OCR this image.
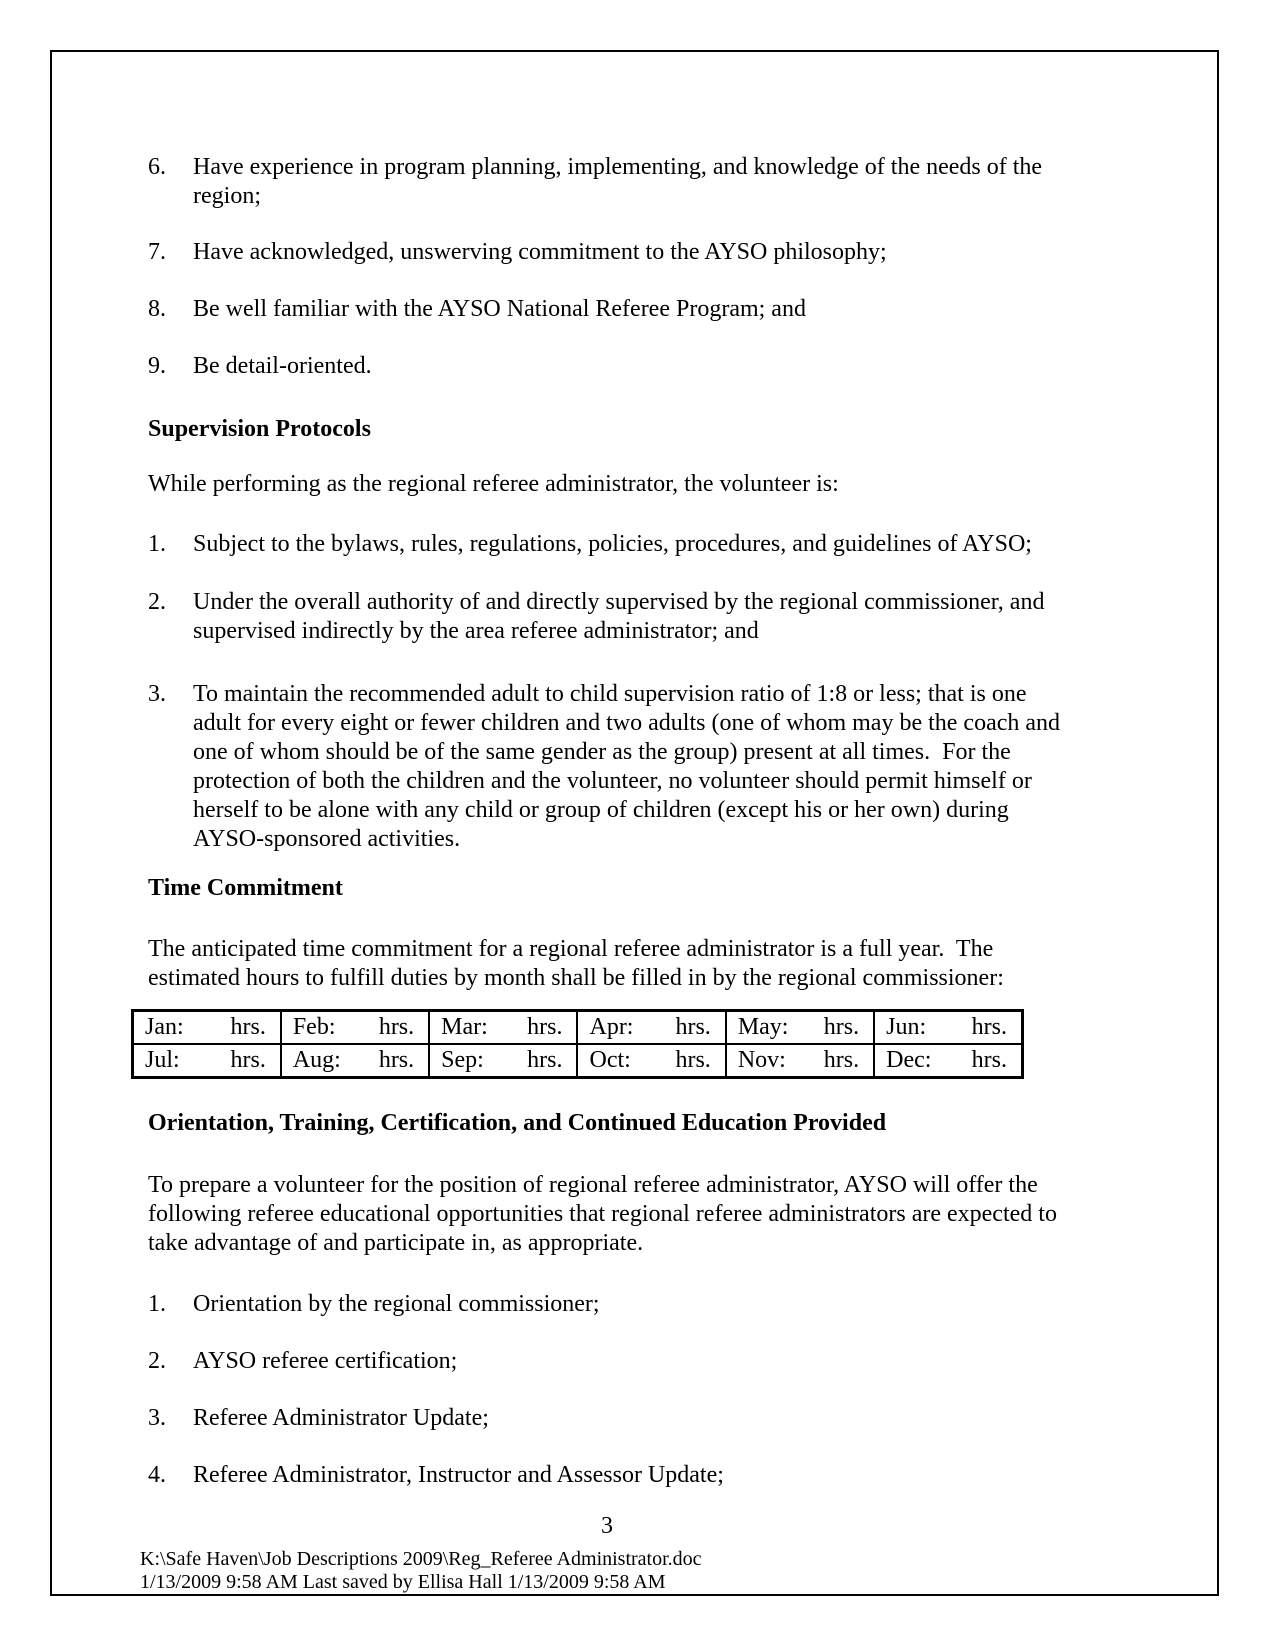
6.	Have experience in program planning, implementing, and knowledge of the needs of the region;
7.	Have acknowledged, unswerving commitment to the AYSO philosophy;
8.	Be well familiar with the AYSO National Referee Program; and
9.	Be detail-oriented.

Supervision Protocols

While performing as the regional referee administrator, the volunteer is:
1.	Subject to the bylaws, rules, regulations, policies, procedures, and guidelines of AYSO;
2.	Under the overall authority of and directly supervised by the regional commissioner, and supervised indirectly by the area referee administrator; and
3.	To maintain the recommended adult to child supervision ratio of 1:8 or less; that is one adult for every eight or fewer children and two adults (one of whom may be the coach and one of whom should be of the same gender as the group) present at all times.  For the protection of both the children and the volunteer, no volunteer should permit himself or herself to be alone with any child or group of children (except his or her own) during AYSO-sponsored activities.

Time Commitment

The anticipated time commitment for a regional referee administrator is a full year.  The estimated hours to fulfill duties by month shall be filled in by the regional commissioner:
Jan: hrs.	Feb: hrs.	Mar: hrs.	Apr: hrs.	May: hrs.	Jun: hrs.

Jul: hrs.	Aug: hrs.	Sep: hrs.	Oct: hrs.	Nov: hrs.	Dec: hrs.

Orientation, Training, Certification, and Continued Education Provided

To prepare a volunteer for the position of regional referee administrator, AYSO will offer the following referee educational opportunities that regional referee administrators are expected to take advantage of and participate in, as appropriate.
1.	Orientation by the regional commissioner;
2.	AYSO referee certification;
3.	Referee Administrator Update;
4.	Referee Administrator, Instructor and Assessor Update;
3
K:\Safe Haven\Job Descriptions 2009\Reg_Referee Administrator.doc
1/13/2009 9:58 AM Last saved by Ellisa Hall 1/13/2009 9:58 AM
